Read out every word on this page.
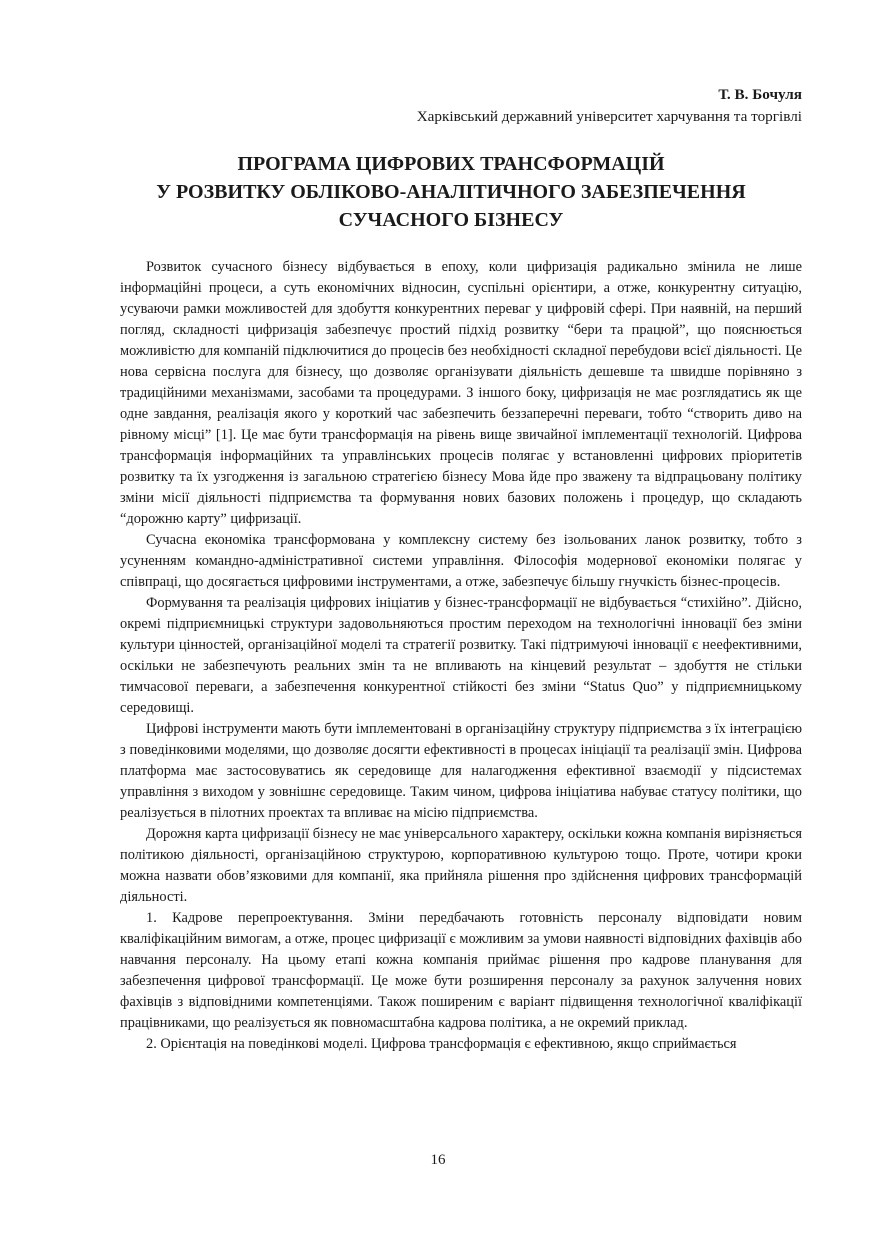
Т. В. Бочуля
Харківський державний університет харчування та торгівлі
ПРОГРАМА ЦИФРОВИХ ТРАНСФОРМАЦІЙ
У РОЗВИТКУ ОБЛІКОВО-АНАЛІТИЧНОГО ЗАБЕЗПЕЧЕННЯ
СУЧАСНОГО БІЗНЕСУ

Розвиток сучасного бізнесу відбувається в епоху, коли цифризація радикально змінила не лише інформаційні процеси, а суть економічних відносин, суспільні орієнтири, а отже, конкурентну ситуацію, усуваючи рамки можливостей для здобуття конкурентних переваг у цифровій сфері. При наявній, на перший погляд, складності цифризація забезпечує простий підхід розвитку “бери та працюй”, що пояснюється можливістю для компаній підключитися до процесів без необхідності складної перебудови всієї діяльності. Це нова сервісна послуга для бізнесу, що дозволяє організувати діяльність дешевше та швидше порівняно з традиційними механізмами, засобами та процедурами. З іншого боку, цифризація не має розглядатись як ще одне завдання, реалізація якого у короткий час забезпечить беззаперечні переваги, тобто “створить диво на рівному місці” [1]. Це має бути трансформація на рівень вище звичайної імплементації технологій. Цифрова трансформація інформаційних та управлінських процесів полягає у встановленні цифрових пріоритетів розвитку та їх узгодження із загальною стратегією бізнесу Мова йде про зважену та відпрацьовану політику зміни місії діяльності підприємства та формування нових базових положень і процедур, що складають “дорожню карту” цифризації.

Сучасна економіка трансформована у комплексну систему без ізольованих ланок розвитку, тобто з усуненням командно-адміністративної системи управління. Філософія модернової економіки полягає у співпраці, що досягається цифровими інструментами, а отже, забезпечує більшу гнучкість бізнес-процесів.

Формування та реалізація цифрових ініціатив у бізнес-трансформації не відбувається “стихійно”. Дійсно, окремі підприємницькі структури задовольняються простим переходом на технологічні інновації без зміни культури цінностей, організаційної моделі та стратегії розвитку. Такі підтримуючі інновації є неефективними, оскільки не забезпечують реальних змін та не впливають на кінцевий результат – здобуття не стільки тимчасової переваги, а забезпечення конкурентної стійкості без зміни “Status Quo” у підприємницькому середовищі.

Цифрові інструменти мають бути імплементовані в організаційну структуру підприємства з їх інтеграцією з поведінковими моделями, що дозволяє досягти ефективності в процесах ініціації та реалізації змін. Цифрова платформа має застосовуватись як середовище для налагодження ефективної взаємодії у підсистемах управління з виходом у зовнішнє середовище. Таким чином, цифрова ініціатива набуває статусу політики, що реалізується в пілотних проектах та впливає на місію підприємства.

Дорожня карта цифризації бізнесу не має універсального характеру, оскільки кожна компанія вирізняється політикою діяльності, організаційною структурою, корпоративною культурою тощо. Проте, чотири кроки можна назвати обов’язковими для компанії, яка прийняла рішення про здійснення цифрових трансформацій діяльності.

1. Кадрове перепроектування. Зміни передбачають готовність персоналу відповідати новим кваліфікаційним вимогам, а отже, процес цифризації є можливим за умови наявності відповідних фахівців або навчання персоналу. На цьому етапі кожна компанія приймає рішення про кадрове планування для забезпечення цифрової трансформації. Це може бути розширення персоналу за рахунок залучення нових фахівців з відповідними компетенціями. Також поширеним є варіант підвищення технологічної кваліфікації працівниками, що реалізується як повномасштабна кадрова політика, а не окремий приклад.

2. Орієнтація на поведінкові моделі. Цифрова трансформація є ефективною, якщо сприймається

16
